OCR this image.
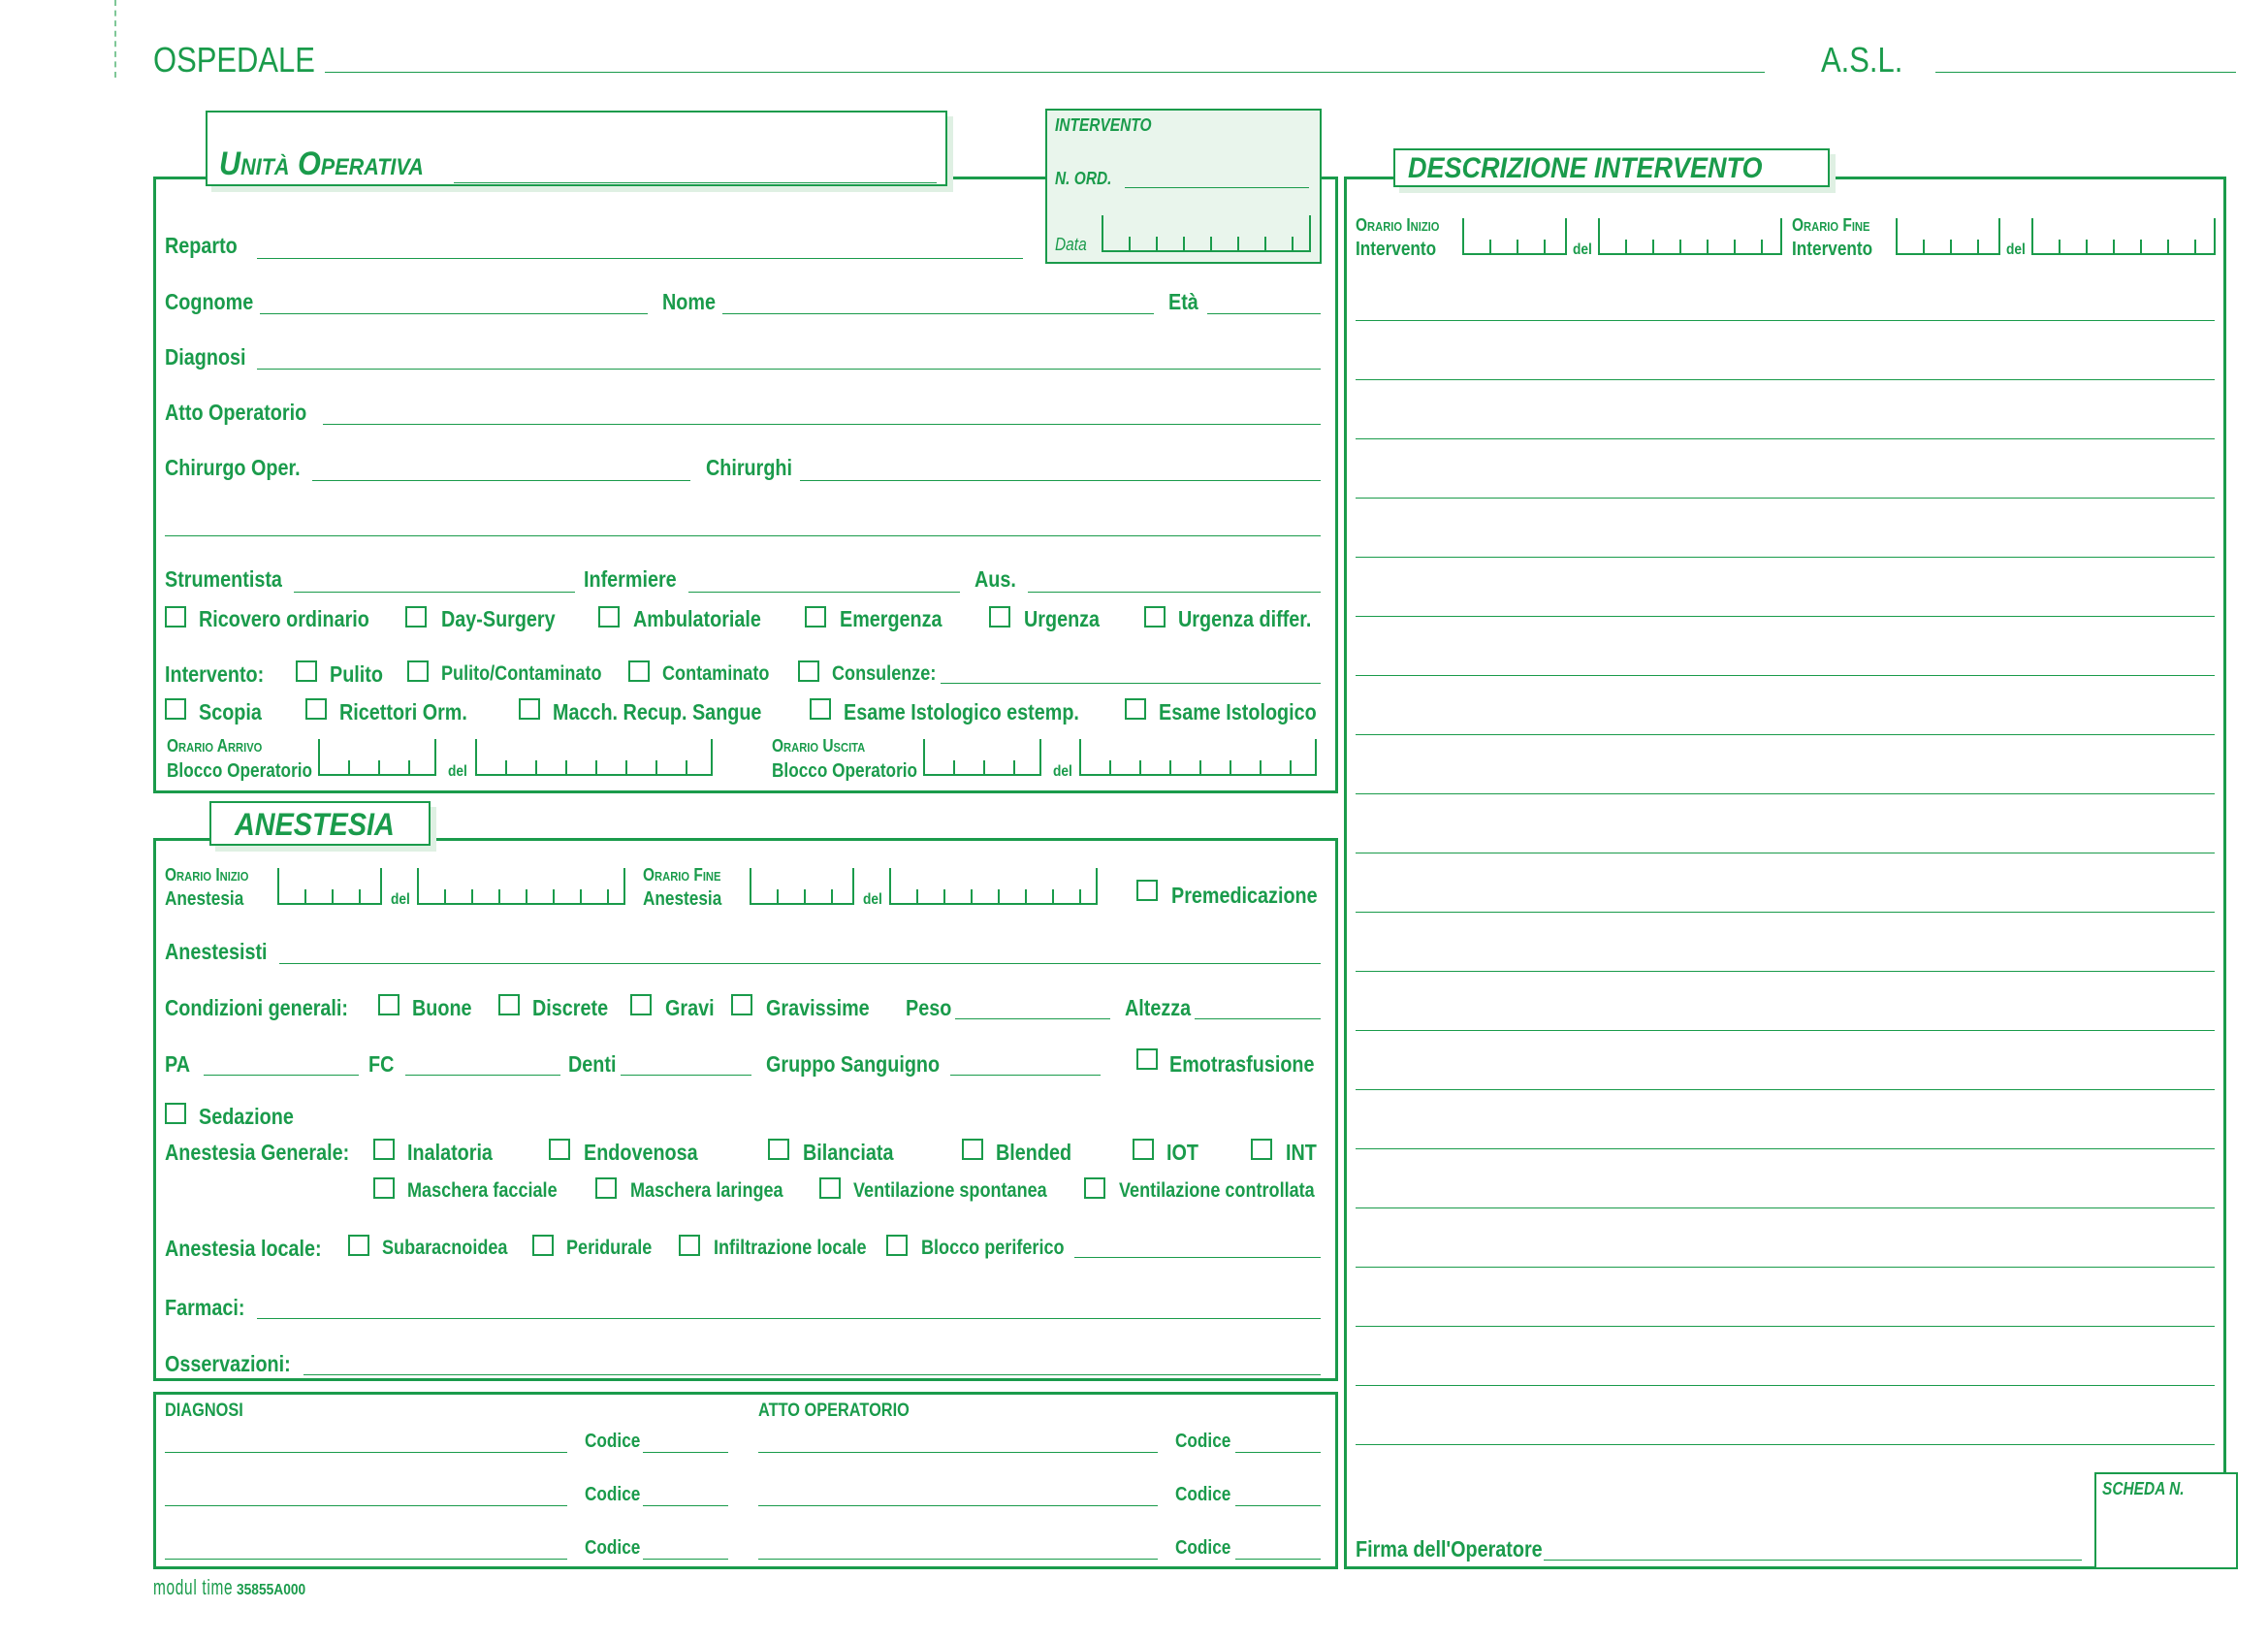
OSPEDALE	A.S.L.
Unità Operativa
INTERVENTO
N. ORD.
Data
Reparto
Cognome	Nome	Età
Diagnosi
Atto Operatorio
Chirurgo Oper.	Chirurghi
Strumentista	Infermiere	Aus.
Ricovero ordinario	Day-Surgery	Ambulatoriale	Emergenza	Urgenza	Urgenza differ.
Intervento:	Pulito	Pulito/Contaminato	Contaminato	Consulenze:
Scopia	Ricettori Orm.	Macch. Recup. Sangue	Esame Istologico estemp.	Esame Istologico
Orario Arrivo
Blocco Operatorio	del
Orario Uscita
Blocco Operatorio	del
ANESTESIA
Orario Inizio
Anestesia	del
Orario Fine
Anestesia	del	Premedicazione
Anestesisti
Condizioni generali:	Buone	Discrete	Gravi Gravissime Peso	Altezza
PA	FC	Denti	Gruppo Sanguigno	Emotrasfusione
Sedazione
Anestesia Generale:	Inalatoria	Endovenosa	Bilanciata	Blended	IOT	INT
Maschera facciale	Maschera laringea	Ventilazione spontanea	Ventilazione controllata
Anestesia locale:	Subaracnoidea	Peridurale	Infiltrazione locale	Blocco periferico
Farmaci:
Osservazioni:
DIAGNOSI	ATTO OPERATORIO
Codice	Codice
Codice	Codice
Codice	Codice
modul time 35855A000
DESCRIZIONE INTERVENTO
Orario Inizio
Intervento	del
Orario Fine
Intervento	del
Firma dell'Operatore
SCHEDA N.
